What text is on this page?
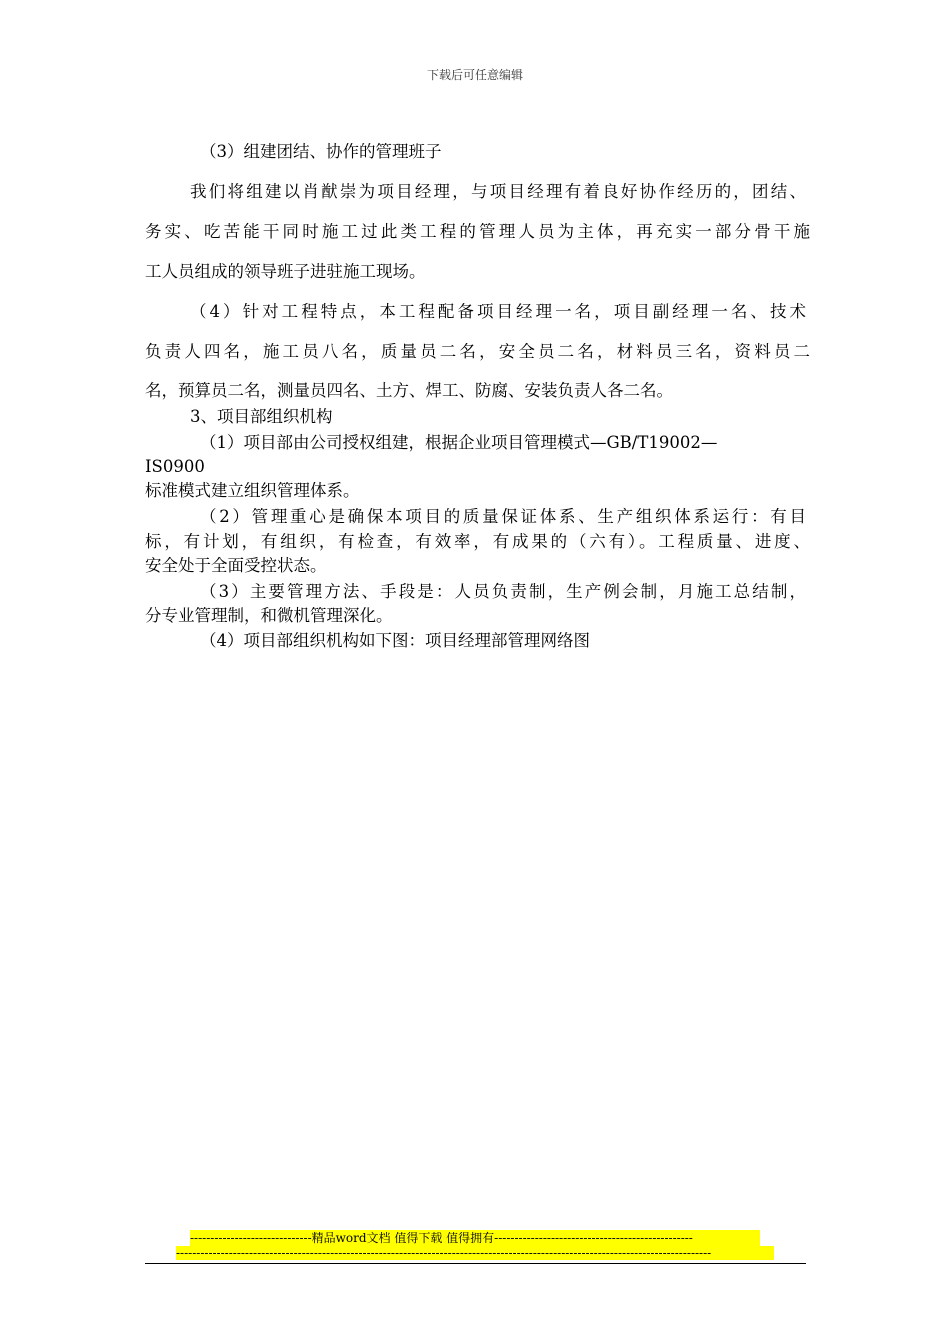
下载后可任意编辑
（3）组建团结、协作的管理班子
我们将组建以肖猷崇为项目经理，与项目经理有着良好协作经历的，团结、
务实、吃苦能干同时施工过此类工程的管理人员为主体，再充实一部分骨干施
工人员组成的领导班子进驻施工现场。
（4）针对工程特点，本工程配备项目经理一名，项目副经理一名、技术
负责人四名，施工员八名，质量员二名，安全员二名，材料员三名，资料员二
名，预算员二名，测量员四名、土方、焊工、防腐、安装负责人各二名。
3、项目部组织机构
（1）项目部由公司授权组建，根据企业项目管理模式—GB/T19002—
IS0900
标准模式建立组织管理体系。
（2）管理重心是确保本项目的质量保证体系、生产组织体系运行：有目
标，有计划，有组织，有检查，有效率，有成果的（六有）。工程质量、进度、
安全处于全面受控状态。
（3）主要管理方法、手段是：人员负责制，生产例会制，月施工总结制，
分专业管理制，和微机管理深化。
（4）项目部组织机构如下图：项目经理部管理网络图
------------------------------精品word文档 值得下载 值得拥有-------------------------------------------------
------------------------------------------------------------------------------------------------------------------------------------
